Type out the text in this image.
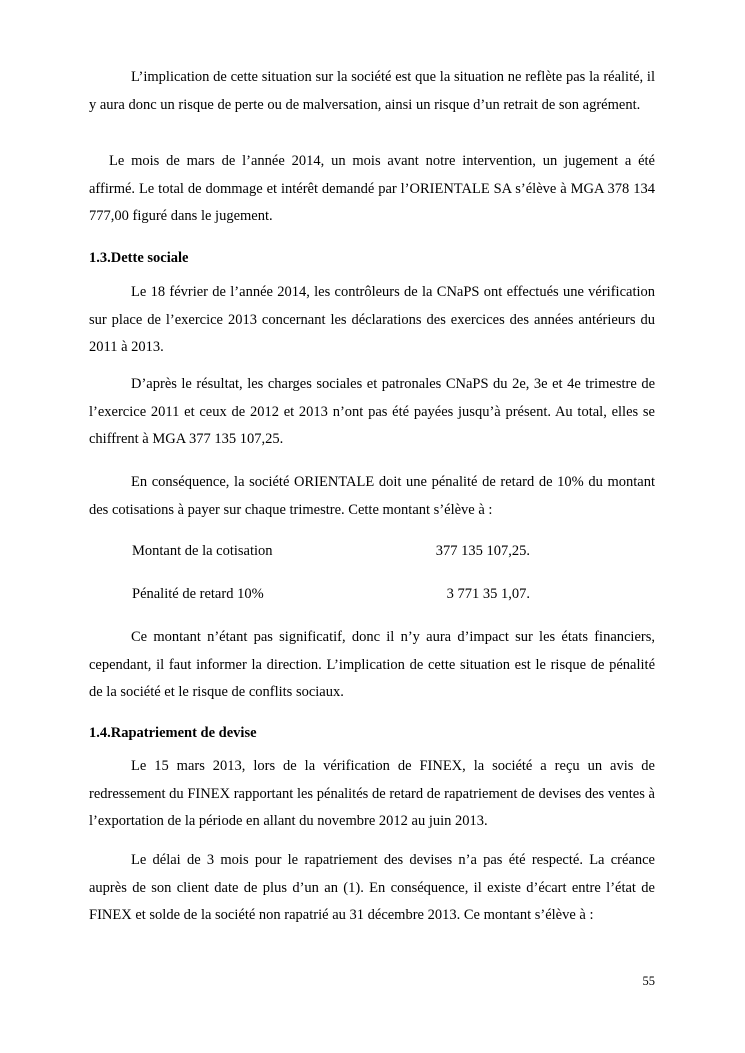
L’implication de cette situation sur la société est que la situation ne reflète pas la réalité, il y aura donc un risque de perte ou de malversation, ainsi un risque d’un retrait de son agrément.

Le mois de mars de l’année 2014, un mois avant notre intervention, un jugement a été affirmé. Le total de dommage et intérêt demandé par l’ORIENTALE SA s’élève à MGA 378 134 777,00 figuré dans le jugement.

1.3.Dette sociale

Le 18 février de l’année 2014, les contrôleurs de la CNaPS ont effectués une vérification sur place de l’exercice 2013 concernant les déclarations des exercices des années antérieurs du 2011 à 2013.

D’après le résultat, les charges sociales et patronales CNaPS du 2e, 3e et 4e trimestre de l’exercice 2011 et ceux de 2012 et 2013 n’ont pas été payées jusqu’à présent. Au total, elles se chiffrent à MGA 377 135 107,25.

En conséquence, la société ORIENTALE doit une pénalité de retard de 10% du montant des cotisations à payer sur chaque trimestre. Cette montant s’élève à :

Montant de la cotisation	377 135 107,25.
Pénalité de retard 10%	3 771 35 1,07.

Ce montant n’étant pas significatif, donc il n’y aura d’impact sur les états financiers, cependant, il faut informer la direction. L’implication de cette situation est le risque de pénalité de la société et le risque de conflits sociaux.

1.4.Rapatriement de devise

Le 15 mars 2013, lors de la vérification de FINEX, la société a reçu un avis de redressement du FINEX rapportant les pénalités de retard de rapatriement de devises des ventes à l’exportation de la période en allant du novembre 2012 au juin 2013.

Le délai de 3 mois pour le rapatriement des devises n’a pas été respecté. La créance auprès de son client date de plus d’un an (1). En conséquence, il existe d’écart entre l’état de FINEX et solde de la société non rapatrié au 31 décembre 2013. Ce montant s’élève à :

55
